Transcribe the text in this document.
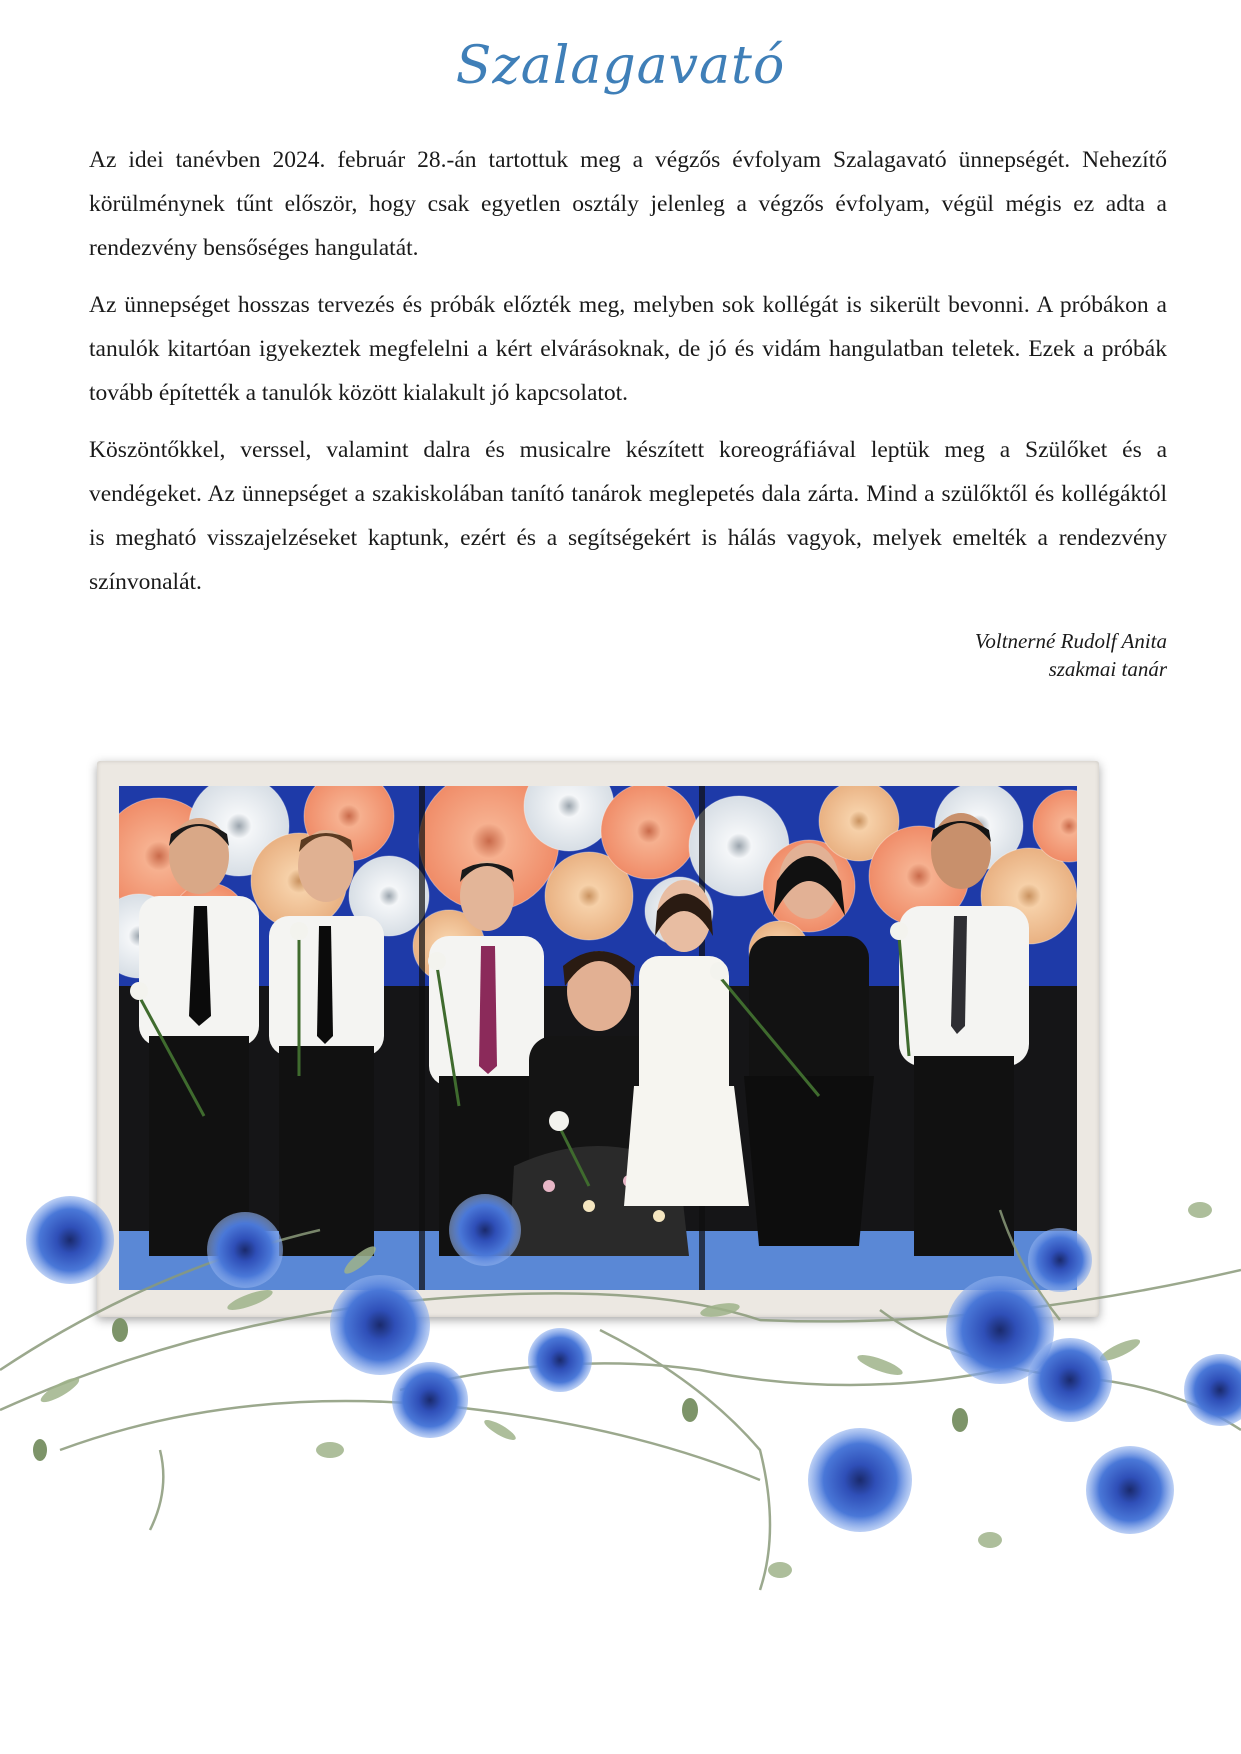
Szalagavató

Az idei tanévben 2024. február 28.-án tartottuk meg a végzős évfolyam Szalagavató ünnepségét. Nehezítő körülménynek tűnt először, hogy csak egyetlen osztály jelenleg a végzős évfolyam, végül mégis ez adta a rendezvény bensőséges hangulatát.

Az ünnepséget hosszas tervezés és próbák előzték meg, melyben sok kollégát is sikerült bevonni. A próbákon a tanulók kitartóan igyekeztek megfelelni a kért elvárásoknak, de jó és vidám hangulatban teletek. Ezek a próbák tovább építették a tanulók között kialakult jó kapcsolatot.

Köszöntőkkel, verssel, valamint dalra és musicalre készített koreográfiával leptük meg a Szülőket és a vendégeket. Az ünnepséget a szakiskolában tanító tanárok meglepetés dala zárta. Mind a szülőktől és kollégáktól is megható visszajelzéseket kaptunk, ezért és a segítségekért is hálás vagyok, melyek emelték a rendezvény színvonalát.

Voltnerné Rudolf Anita
szakmai tanár
